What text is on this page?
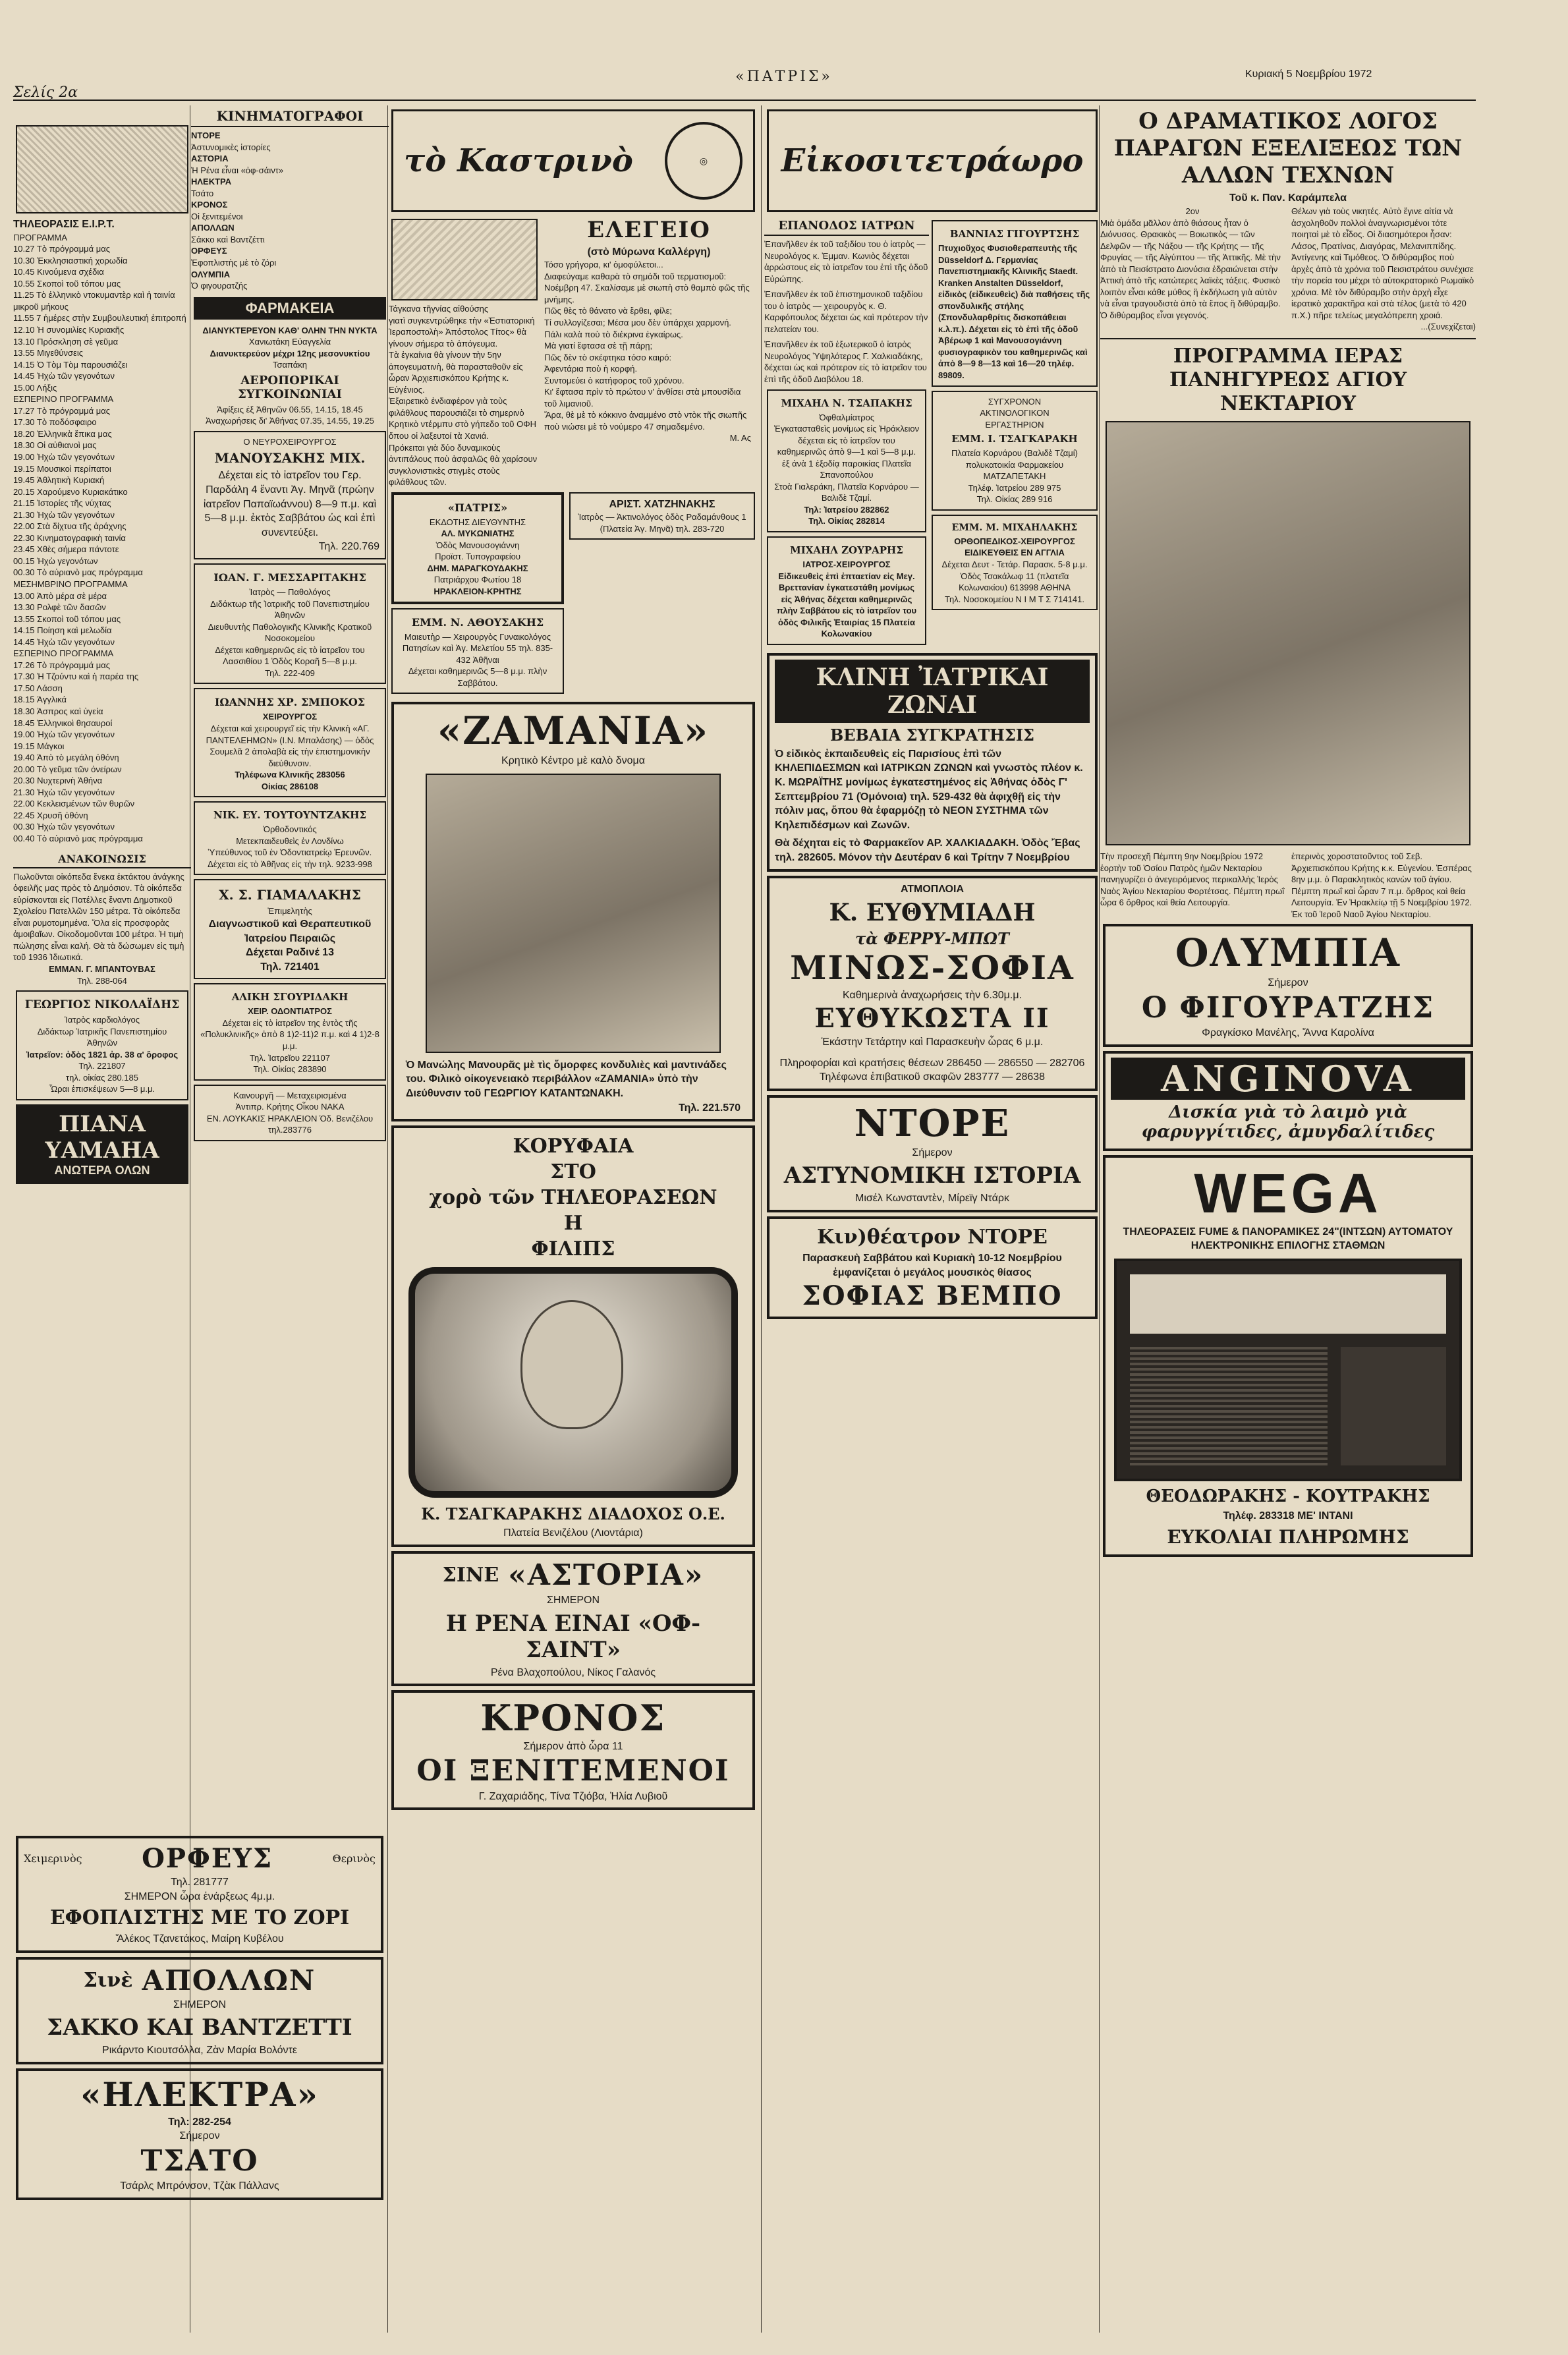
Σελίς 2α
«ΠΑΤΡΙΣ»	Κυριακή 5 Νοεμβρίου 1972
ΤΗΛΕΟΡΑΣΙΣ Ε.Ι.Ρ.Τ.
ΠΡΟΓΡΑΜΜΑ
10.27 Τὸ πρόγραμμά μας
10.30 Ἐκκλησιαστική χορωδία
10.45 Κινούμενα σχέδια
10.55 Σκοποὶ τοῦ τόπου μας
11.25 Τὸ ἑλληνικὸ ντοκυμαντὲρ καὶ ἡ ταινία μικροῦ μήκους
11.55 7 ἡμέρες στὴν Συμβουλευτική ἐπιτροπή
12.10 Ἡ συνομιλίες Κυριακῆς
13.10 Πρόσκληση σὲ γεῦμα
13.55 Μιγεθύνσεις
14.15 Ὁ Τὸμ Τὸμ παρουσιάζει
14.45 Ἠχὼ τῶν γεγονότων
15.00 Λήξις
ΕΣΠΕΡΙΝΟ ΠΡΟΓΡΑΜΜΑ
17.27 Τὸ πρόγραμμά μας
17.30 Τὸ ποδόσφαιρο
18.20 Ἑλληνικὰ ἔπικα μας
18.30 Οἱ αὐθιανοὶ μας
19.00 Ἠχὼ τῶν γεγονότων
19.15 Μουσικοὶ περίπατοι
19.45 Ἀθλητικὴ Κυριακή
20.15 Χαρούμενο Κυριακάτικο
21.15 Ἱστορίες τῆς νύχτας
21.30 Ἠχὼ τῶν γεγονότων
22.00 Στὰ δίχτυα τῆς ἀράχνης
22.30 Κινηματογραφικὴ ταινία
23.45 Χθὲς σήμερα πάντοτε
00.15 Ἠχὼ γεγονότων
00.30 Τὸ αὐριανὸ μας πρόγραμμα
ΜΕΣΗΜΒΡΙΝΟ ΠΡΟΓΡΑΜΜΑ
13.00 Ἀπὸ μέρα σὲ μέρα
13.30 Ρολφὲ τῶν δασῶν
13.55 Σκοποὶ τοῦ τόπου μας
14.15 Ποίηση καὶ μελωδία
14.45 Ἠχὼ τῶν γεγονότων
ΕΣΠΕΡΙΝΟ ΠΡΟΓΡΑΜΜΑ
17.26 Τὸ πρόγραμμά μας
17.30 Ἡ Τζούντυ καὶ ἡ παρέα της
17.50 Λάσση
18.15 Ἀγγλικά
18.30 Ἀσπρος καὶ ὑγεία
18.45 Ἑλληνικοὶ θησαυροί
19.00 Ἠχὼ τῶν γεγονότων
19.15 Μάγκοι
19.40 Ἀπὸ τὸ μεγάλη ὀθόνη
20.00 Τὸ γεῦμα τῶν ὀνείρων
20.30 Νυχτερινὴ Ἀθήνα
21.30 Ἠχὼ τῶν γεγονότων
22.00 Κεκλεισμένων τῶν θυρῶν
22.45 Χρυσῆ ὀθόνη
00.30 Ἠχὼ τῶν γεγονότων
00.40 Τὸ αὐριανὸ μας πρόγραμμα
ΑΝΑΚΟΙΝΩΣΙΣ
Πωλοῦνται οἰκόπεδα ἕνεκα ἐκτάκτου ἀνάγκης ὀφειλῆς μας πρὸς τὸ Δημόσιον. Τὰ οἰκόπεδα εὑρίσκονται εἰς Πατέλλες ἔναντι Δημοτικοῦ Σχολείου Πατελλῶν 150 μέτρα. Τὰ οἰκόπεδα εἶναι ρυμοτομημένα. Ὅλα εἰς προσφορὰς ἀμοιβαῖων. Οἰκοδομοῦνται 100 μέτρα. Ἡ τιμὴ πώλησης εἶναι καλή. Θὰ τὰ δώσωμεν εἰς τιμὴ τοῦ 1936 Ἰδιωτικά.
ΕΜΜΑΝ. Γ. ΜΠΑΝΤΟΥΒΑΣ
Τηλ. 288-064
ΓΕΩΡΓΙΟΣ ΝΙΚΟΛΑΪΔΗΣ
Ἰατρὸς καρδιολόγος
Διδάκτωρ Ἰατρικῆς Πανεπιστημίου Ἀθηνῶν
Ἰατρεῖον: ὁδὸς 1821 ἀρ. 38 α' ὄροφος
Τηλ. 221807
τηλ. οἰκίας 280.185
Ὧραι ἐπισκέψεων 5—8 μ.μ.
ΠΙΑΝΑ ΥΑΜΑΗΑ
ΑΝΩΤΕΡΑ ΟΛΩΝ
ΚΙΝΗΜΑΤΟΓΡΑΦΟΙ
ΝΤΟΡΕ
Ἀστυνομικὲς ἱστορίες
ΑΣΤΟΡΙΑ
Ἡ Ρένα εἶναι «ὀφ-σάιντ»
ΗΛΕΚΤΡΑ
Τσάτο
ΚΡΟΝΟΣ
Οἱ ξενιτεμένοι
ΑΠΟΛΛΩΝ
Σάκκο καὶ Βαντζέττι
ΟΡΦΕΥΣ
Ἐφοπλιστὴς μὲ τὸ ζόρι
ΟΛΥΜΠΙΑ
Ὁ φιγουρατζής
ΦΑΡΜΑΚΕΙΑ
ΔΙΑΝΥΚΤΕΡΕΥΟΝ ΚΑΘ' ΟΛΗΝ ΤΗΝ ΝΥΚΤΑ
Χανιωτάκη Εὐαγγελία
Διανυκτερεύον μέχρι 12ης μεσονυκτίου
Τσαπάκη
ΑΕΡΟΠΟΡΙΚΑΙ ΣΥΓΚΟΙΝΩΝΙΑΙ
Ἀφίξεις ἐξ Ἀθηνῶν 06.55, 14.15, 18.45
Ἀναχωρήσεις δι' Ἀθήνας 07.35, 14.55, 19.25
Ο ΝΕΥΡΟΧΕΙΡΟΥΡΓΟΣ
ΜΑΝΟΥΣΑΚΗΣ ΜΙΧ.
Δέχεται εἰς τὸ ἰατρεῖον του Γερ. Παρδάλη 4 ἔναντι Ἁγ. Μηνᾶ (πρώην ἰατρεῖον Παπαϊωάννου) 8—9 π.μ. καὶ 5—8 μ.μ. ἐκτὸς Σαββάτου ὡς καὶ ἐπὶ συνεντεύξει.
Τηλ. 220.769
ΙΩΑΝ. Γ. ΜΕΣΣΑΡΙΤΑΚΗΣ
Ἰατρὸς — Παθολόγος
Διδάκτωρ τῆς Ἰατρικῆς τοῦ Πανεπιστημίου Ἀθηνῶν
Διευθυντὴς Παθολογικῆς Κλινικῆς Κρατικοῦ Νοσοκομείου
Δέχεται καθημερινῶς εἰς τὸ ἰατρεῖον του Λασσιθίου 1 Ὁδὸς Κοραῆ 5—8 μ.μ.
Τηλ. 222-409
ΙΩΑΝΝΗΣ ΧΡ. ΣΜΠΟΚΟΣ
ΧΕΙΡΟΥΡΓΟΣ
Δέχεται καὶ χειρουργεῖ εἰς τὴν Κλινικὴ «ΑΓ. ΠΑΝΤΕΛΕΗΜΩΝ» (Ι.Ν. Μπαλάσης) — ὁδὸς Σουμελᾶ 2 ἀπολαβὰ εἰς τὴν ἐπιστημονικὴν διεύθυνσιν.
Τηλέφωνα Κλινικῆς 283056
Οἰκίας 286108
ΝΙΚ. ΕΥ. ΤΟΥΤΟΥΝΤΖΑΚΗΣ
Ὀρθοδοντικός
Μετεκπαιδευθεὶς ἐν Λονδίνω
Ὑπεύθυνος τοῦ ἐν Ὀδοντιατρείῳ Ἐρευνῶν. Δέχεται εἰς τὸ Ἀθῆνας εἰς τὴν τηλ. 9233-998
Χ. Σ. ΓΙΑΜΑΛΑΚΗΣ
Ἐπιμελητὴς
Διαγνωστικοῦ καὶ Θεραπευτικοῦ Ἰατρείου Πειραιῶς
Δέχεται Ραδινέ 13
Τηλ. 721401
ΑΛΙΚΗ ΣΓΟΥΡΙΔΑΚΗ
ΧΕΙΡ. ΟΔΟΝΤΙΑΤΡΟΣ
Δέχεται εἰς τὸ ἰατρεῖον της ἐντὸς τῆς «Πολυκλινικῆς» ἀπὸ 8 1)2-11)2 π.μ. καὶ 4 1)2-8 μ.μ.
Τηλ. Ἰατρεῖου 221107
Τηλ. Οἰκίας 283890
Καινουργῆ — Μεταχειρισμένα
Ἀντιπρ. Κρήτης Οἶκου ΝΑΚΑ
ΕΝ. ΛΟΥΚΑΚΙΣ ΗΡΑΚΛΕΙΟΝ Ὁδ. Βενιζέλου τηλ.283776
Χειμερινὸς ΟΡΦΕΥΣ	Θερινὸς
Τηλ. 281777
ΣΗΜΕΡΟΝ ὧρα ἐνάρξεως 4μ.μ.
ΕΦΟΠΛΙΣΤΗΣ ΜΕ ΤΟ ΖΟΡΙ
Ἄλέκος Τζανετάκος, Μαίρη Κυβέλου
Σινὲ ΑΠΟΛΛΩΝ
ΣΗΜΕΡΟΝ
ΣΑΚΚΟ ΚΑΙ ΒΑΝΤΖΕΤΤΙ
Ρικάρντο Κιουτσόλλα, Ζὰν Μαρία Βολόντε
«ΗΛΕΚΤΡΑ»
Τηλ: 282-254
Σήμερον
ΤΣΑΤΟ
Τσάρλς Μπρόνσον, Τζὰκ Πάλλανς
τὸ Καστρινὸ	◎
Τάγκανα τῆγνίας αἰθούσης
γιατὶ συγκεντρώθηκε τὴν «Ἑστιατορική Ἱεραποστολὴ» Ἀπόστολος Τίτος» θὰ γίνουν σήμερα τὸ ἀπόγευμα.
Τὰ ἐγκαίνια θὰ γίνουν τὴν 5ην ἀπογευματινὴ, θὰ παρασταθοῦν εἰς ὧραν Ἀρχιεπισκόπου Κρήτης κ. Εὐγένιος.
Ἐξαιρετικὸ ἐνδιαφέρον γιὰ τοὺς φιλάθλους παρουσιάζει τὸ σημερινὸ Κρητικὸ ντέρμπυ στὸ γήπεδο τοῦ ΟΦΗ ὅπου οἱ λαξευτοί τὰ Χανιά.
Πρόκειται γιὰ δύο δυναμικοὺς ἀντιπάλους ποὺ ἀσφαλῶς θὰ χαρίσουν συγκλονιστικὲς στιγμὲς στοὺς φιλάθλους τῶν.
ΕΛΕΓΕΙΟ
(στὸ Μύρωνα Καλλέργη)
Τόσο γρήγορα, κι' ὁμοφύλετοι...
Διαφεύγαμε καθαρὰ τὸ σημάδι τοῦ τερματισμοῦ:
Νοέμβρη 47. Σκαλίσαμε μὲ σιωπὴ στὸ θαμπὸ φῶς τῆς μνήμης.
Πῶς θὲς τὸ θάνατο νὰ ἔρθει, φίλε;
Τί συλλογίζεσαι; Μέσα μου δὲν ὑπάρχει χαρμονή.
Πάλι καλὰ ποὺ τὸ διέκρινα ἐγκαίρως.
Μὰ γιατί ἔφτασα σὲ τῇ πάρῃ;
Πῶς δὲν τὸ σκέφτηκα τόσο καιρό:
Ἀφεντάρια ποὺ ἡ κορφή.
Συντομεύει ὁ κατήφορος τοῦ χρόνου.
Κι' ἔφτασα πρὶν τὸ πρώτου ν' ἀνθίσει στὰ μπουσίδια τοῦ λιμανιοῦ.
Ἄρα, θὲ μὲ τὸ κόκκινο ἀναμμένο στὸ ντὸκ τῆς σιωπῆς
ποὺ νιώσει μὲ τὸ νούμερο 47 σημαδεμένο.
Μ. Ας
«ΠΑΤΡΙΣ»
ΕΚΔΟΤΗΣ ΔΙΕΥΘΥΝΤΗΣ
ΑΛ. ΜΥΚΩΝΙΑΤΗΣ
Ὁδὸς Μανουσογιάννη
Προϊστ. Τυπογραφείου
ΔΗΜ. ΜΑΡΑΓΚΟΥΔΑΚΗΣ
Πατριάρχου Φωτίου 18
ΗΡΑΚΛΕΙΟΝ-ΚΡΗΤΗΣ
ΕΜΜ. Ν. ΑΘΟΥΣΑΚΗΣ
Μαιευτὴρ — Χειρουργὸς Γυναικολόγος Πατησίων καὶ Ἁγ. Μελετίου 55 τηλ. 835-432 Ἀθῆναι
Δέχεται καθημερινῶς 5—8 μ.μ. πλὴν Σαββάτου.
ΑΡΙΣΤ. ΧΑΤΖΗΝΑΚΗΣ
Ἰατρὸς — Ἀκτινολόγος ὁδὸς Ραδαμάνθους 1 (Πλατεία Ἁγ. Μηνᾶ) τηλ. 283-720
«ΖΑΜΑΝΙΑ»
Κρητικὸ Κέντρο μὲ καλὸ δνομα
Ὁ Μανώλης Μανουρᾶς μὲ τὶς ὄμορφες κονδυλιὲς καὶ μαντινάδες του. Φιλικὸ οἰκογενειακὸ περιβάλλον «ΖΑΜΑΝΙΑ» ὑπὸ τὴν Διεύθυνσιν τοῦ ΓΕΩΡΓΙΟΥ ΚΑΤΑΝΤΩΝΑΚΗ.
Τηλ. 221.570
ΚΟΡΥΦΑΙΑ
ΣΤΟ
χορὸ τῶν ΤΗΛΕΟΡΑΣΕΩΝ
Η
ΦΙΛΙΠΣ
Κ. ΤΣΑΓΚΑΡΑΚΗΣ ΔΙΑΔΟΧΟΣ Ο.Ε.
Πλατεία Βενιζέλου (Λιοντάρια)
ΣΙΝΕ «ΑΣΤΟΡΙΑ»
ΣΗΜΕΡΟΝ
Η ΡΕΝΑ ΕΙΝΑΙ «ΟΦ-ΣΑΙΝΤ»
Ρένα Βλαχοπούλου, Νίκος Γαλανός
ΚΡΟΝΟΣ
Σήμερον ἀπὸ ὧρα 11
ΟΙ ΞΕΝΙΤΕΜΕΝΟΙ
Γ. Ζαχαριάδης, Τίνα Τζιόβα, Ἠλία Λυβιοῦ
Εἰκοσιτετράωρο
ΕΠΑΝΟΔΟΣ ΙΑΤΡΩΝ
Ἐπανῆλθεν ἐκ τοῦ ταξιδίου του ὁ ἰατρὸς — Νευρολόγος κ. Ἐμμαν. Κωνιὸς δέχεται ἀρρώστους εἰς τὸ ἰατρεῖον του ἐπὶ τῆς ὁδοῦ Εὐρώπης.
Ἐπανῆλθεν ἐκ τοῦ ἐπιστημονικοῦ ταξιδίου του ὁ ἰατρὸς — χειρουργὸς κ. Θ. Καρφόπουλος δέχεται ὡς καὶ πρότερον τὴν πελατείαν του.
Ἐπανῆλθεν ἐκ τοῦ ἐξωτερικοῦ ὁ ἰατρὸς Νευρολόγος Ὑψηλότερος Γ. Χαλκιαδάκης, δέχεται ὡς καὶ πρότερον εἰς τὸ ἰατρεῖον του ἐπὶ τῆς ὁδοῦ Διαβόλου 18.
ΜΙΧΑΗΛ Ν. ΤΣΑΠΑΚΗΣ
Ὀφθαλμίατρος
Ἐγκατασταθεὶς μονίμως εἰς Ἡράκλειον δέχεται εἰς τὸ ἰατρεῖον του καθημερινῶς ἀπὸ 9—1 καὶ 5—8 μ.μ. ἐξ ἀνὰ 1 ἐξοδίᾳ παροικίας Πλατεῖα Σπανοπούλου
Στοὰ Γιαλεράκη, Πλατεῖα Κορνάρου —Βαλιδὲ Τζαμί.
Τηλ: Ἰατρείου 282862
Τηλ. Οἰκίας 282814
ΜΙΧΑΗΛ ΖΟΥΡΑΡΗΣ
ΙΑΤΡΟΣ-ΧΕΙΡΟΥΡΓΟΣ
Εἰδικευθεὶς ἐπὶ ἐπταετίαν εἰς Μεγ. Βρεττανίαν ἐγκατεστάθη μονίμως εἰς Ἀθήνας δέχεται καθημερινῶς πλὴν Σαββάτου εἰς τὸ ἰατρεῖον του ὁδὸς Φιλικῆς Ἑταιρίας 15 Πλατεία Κολωνακίου
ΒΑΝΝΙΑΣ ΓΙΓΟΥΡΤΣΗΣ
Πτυχιοῦχος Φυσιοθεραπευτὴς τῆς Düsseldorf Δ. Γερμανίας Πανεπιστημιακῆς Κλινικῆς Staedt. Kranken Anstalten Düsseldorf, εἰδικὸς (εἰδικευθεὶς) διὰ παθήσεις τῆς σπονδυλικῆς στήλης (Σπονδυλαρθρίτις δισκοπάθειαι κ.λ.π.). Δέχεται εἰς τὸ ἐπὶ τῆς ὁδοῦ Ἀβέρωφ 1 καὶ Μανουσογιάννη φυσιογραφικὸν του καθημερινῶς καὶ ἀπὸ 8—9 8—13 καὶ 16—20 τηλέφ. 89809.
ΣΥΓΧΡΟΝΟΝ
ΑΚΤΙΝΟΛΟΓΙΚΟΝ
ΕΡΓΑΣΤΗΡΙΟΝ
ΕΜΜ. Ι. ΤΣΑΓΚΑΡΑΚΗ
Πλατεία Κορνάρου (Βαλιδὲ Τζαμί) πολυκατοικία Φαρμακείου ΜΑΤΖΑΠΕΤΑΚΗ
Τηλέφ. Ἰατρείου 289 975
Τηλ. Οἰκίας 289 916
ΕΜΜ. Μ. ΜΙΧΑΗΛΑΚΗΣ
ΟΡΘΟΠΕΔΙΚΟΣ-ΧΕΙΡΟΥΡΓΟΣ
ΕΙΔΙΚΕΥΘΕΙΣ ΕΝ ΑΓΓΛΙΑ
Δέχεται Δευτ - Τετάρ. Παρασκ. 5-8 μ.μ. Ὁδὸς Τσακάλωφ 11 (πλατεῖα Κολωνακίου) 613998 ΑΘΗΝΑ
Τηλ. Νοσοκομείου Ν Ι Μ Τ Σ 714141.
ΚΛΙΝΗ ἸΑΤΡΙΚΑΙ ΖΩΝΑΙ
ΒΕΒΑΙΑ ΣΥΓΚΡΑΤΗΣΙΣ
Ὁ εἰδικὸς ἐκπαιδευθεὶς εἰς Παρισίους ἐπὶ τῶν ΚΗΛΕΠΙΔΕΣΜΩΝ καὶ ΙΑΤΡΙΚΩΝ ΖΩΝΩΝ καὶ γνωστὸς πλέον κ. Κ. ΜΩΡΑΪΤΗΣ μονίμως ἐγκατεστημένος εἰς Ἀθήνας ὁδὸς Γ' Σεπτεμβρίου 71 (Ὁμόνοια) τηλ. 529-432 θὰ ἀφιχθῇ εἰς τὴν πόλιν μας, ὅπου θὰ ἐφαρμόζῃ τὸ ΝΕΟΝ ΣΥΣΤΗΜΑ τῶν Κηλεπιδέσμων καὶ Ζωνῶν.
Θὰ δέχηται εἰς τὸ Φαρμακεῖον ΑΡ. ΧΑΛΚΙΑΔΑΚΗ. Ὁδὸς Ἔβας τηλ. 282605. Μόνον τὴν Δευτέραν 6 καὶ Τρίτην 7 Νοεμβρίου
ΑΤΜΟΠΛΟΙΑ
Κ. ΕΥΘΥΜΙΑΔΗ
τὰ ΦΕΡΡΥ-ΜΠΩΤ
ΜΙΝΩΣ-ΣΟΦΙΑ
Καθημερινὰ ἀναχωρήσεις τὴν 6.30μ.μ.
ΕΥΘΥΚΩΣΤΑ ΙΙ
Ἑκάστην Τετάρτην καὶ Παρασκευὴν ὧρας 6 μ.μ.
Πληροφορίαι καὶ κρατήσεις θέσεων 286450 — 286550 — 282706
Τηλέφωνα ἐπιβατικοῦ σκαφῶν 283777 — 28638
ΝΤΟΡΕ
Σήμερον
ΑΣΤΥΝΟΜΙΚΗ ΙΣΤΟΡΙΑ
Μισέλ Κωνσταντὲν, Μίρεϊγ Ντάρκ
Κιν)θέατρον ΝΤΟΡΕ
Παρασκευὴ Σαββάτου καὶ Κυριακὴ 10-12 Νοεμβρίου ἐμφανίζεται ὁ μεγάλος μουσικὸς θίασος
ΣΟΦΙΑΣ ΒΕΜΠΟ
Ο ΔΡΑΜΑΤΙΚΟΣ ΛΟΓΟΣ ΠΑΡΑΓΩΝ ΕΞΕΛΙΞΕΩΣ ΤΩΝ ΑΛΛΩΝ ΤΕΧΝΩΝ
Τοῦ κ. Παν. Καράμπελα
2ον
Μιὰ ὁμάδα μᾶλλον ἀπὸ θιάσους ἦταν ὁ Διόνυσος. Θρακικὸς — Βοιωτικὸς — τῶν Δελφῶν — τῆς Νάξου — τῆς Κρήτης — τῆς Φρυγίας — τῆς Αἰγύπτου — τῆς Ἀττικῆς. Μὲ τὴν ἀπὸ τὰ Πεισίστρατο Διονύσια ἐδραιώνεται στὴν Ἀττικὴ ἀπὸ τῆς κατώτερες λαϊκὲς τάξεις. Φυσικὸ λοιπὸν εἶναι κάθε μύθος ἢ ἐκδήλωση γιὰ αὐτὸν νὰ εἶναι τραγουδιστὰ ἀπὸ τὰ ἔπος ἢ διθύραμβο. Ὁ διθύραμβος εἶναι γεγονός.
Θέλων γιὰ τοὺς νικητές. Αὐτὸ ἔγινε αἰτία νὰ ἀσχοληθοῦν πολλοὶ ἀναγνωρισμένοι τότε ποιηταὶ μὲ τὸ εἶδος. Οἱ διασημότεροι ἦσαν: Λάσος, Πρατίνας, Διαγόρας, Μελανιππίδης. Ἀντίγενης καὶ Τιμόθεος. Ὁ διθύραμβος ποὺ ἀρχὲς ἀπὸ τὰ χρόνια τοῦ Πεισιστράτου συνέχισε τὴν πορεία του μέχρι τὸ αὐτοκρατορικὸ Ρωμαϊκὸ χρόνια. Μὲ τὸν διθύραμβο στὴν ἀρχὴ εἶχε ἱερατικὸ χαρακτῆρα καὶ στὰ τέλος (μετὰ τὸ 420 π.Χ.) πῆρε τελείως μεγαλόπρεπη χροιά.
...(Συνεχίζεται)
ΠΡΟΓΡΑΜΜΑ ΙΕΡΑΣ ΠΑΝΗΓΥΡΕΩΣ ΑΓΙΟΥ ΝΕΚΤΑΡΙΟΥ
Τὴν προσεχῆ Πέμπτη 9ην Νοεμβρίου 1972 ἑορτὴν τοῦ Ὁσίου Πατρὸς ἡμῶν Νεκταρίου πανηγυρίζει ὁ ἀνεγειρόμενος περικαλλὴς Ἱερὸς Ναὸς Ἁγίου Νεκταρίου Φορτέτσας. Πέμπτη πρωΐ ὧρα 6 ὄρθρος καὶ θεία Λειτουργία.
ἐπερινὸς χοροστατοῦντος τοῦ Σεβ. Ἀρχιεπισκόπου Κρήτης κ.κ. Εὐγενίου. Ἑσπέρας 8ην μ.μ. ὁ Παρακλητικὸς κανὼν τοῦ ἁγίου. Πέμπτη πρωΐ καὶ ὧραν 7 π.μ. ὄρθρος καὶ θεία Λειτουργία. Ἐν Ἡρακλείῳ τῇ 5 Νοεμβρίου 1972. Ἐκ τοῦ Ἱεροῦ Ναοῦ Ἁγίου Νεκταρίου.
ΟΛΥΜΠΙΑ
Σήμερον
Ο ΦΙΓΟΥΡΑΤΖΗΣ
Φραγκίσκο Μανέλης, Ἄννα Καρολίνα
ANGINOVA
Δισκία γιὰ τὸ λαιμὸ γιὰ φαρυγγίτιδες, ἀμυγδαλίτιδες
WEGA
ΤΗΛΕΟΡΑΣΕΙΣ FUME & ΠΑΝΟΡΑΜΙΚΕΣ 24"(ΙΝΤΣΩΝ) ΑΥΤΟΜΑΤΟΥ ΗΛΕΚΤΡΟΝΙΚΗΣ ΕΠΙΛΟΓΗΣ ΣΤΑΘΜΩΝ
ΘΕΟΔΩΡΑΚΗΣ - ΚΟΥΤΡΑΚΗΣ
Τηλέφ. 283318 ΜΕ' ΙΝΤΑΝΙ
ΕΥΚΟΛΙΑΙ ΠΛΗΡΩΜΗΣ
